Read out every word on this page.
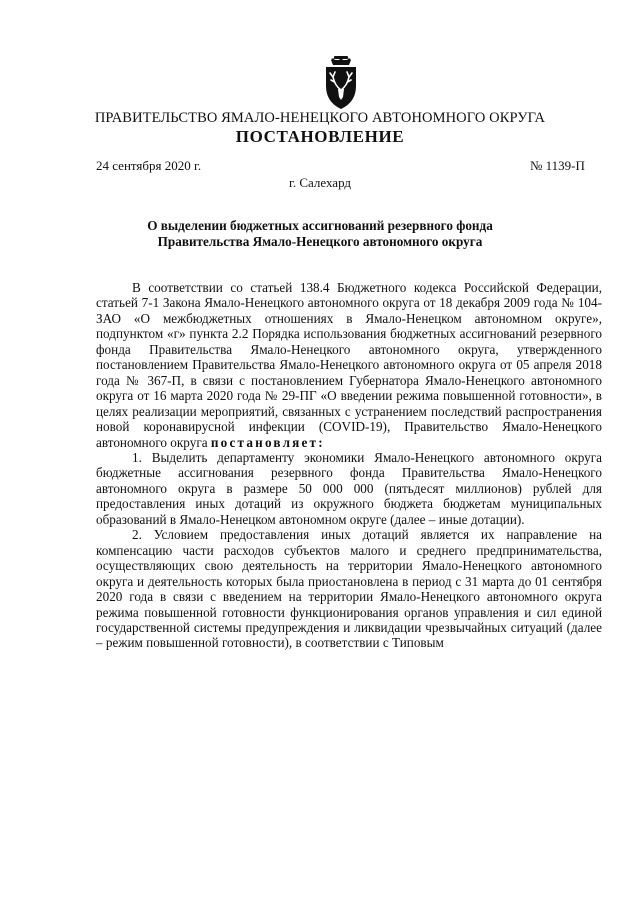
ПРАВИТЕЛЬСТВО ЯМАЛО-НЕНЕЦКОГО АВТОНОМНОГО ОКРУГА
ПОСТАНОВЛЕНИЕ
24 сентября 2020 г.	№ 1139-П
г. Салехард
О выделении бюджетных ассигнований резервного фонда
Правительства Ямало-Ненецкого автономного округа

В соответствии со статьей 138.4 Бюджетного кодекса Российской Федерации, статьей 7-1 Закона Ямало-Ненецкого автономного округа от 18 декабря 2009 года № 104-ЗАО «О межбюджетных отношениях в Ямало-Ненецком автономном округе», подпунктом «г» пункта 2.2 Порядка использования бюджетных ассигнований резервного фонда Правительства Ямало-Ненецкого автономного округа, утвержденного постановлением Правительства Ямало-Ненецкого автономного округа от 05 апреля 2018 года № 367-П, в связи с постановлением Губернатора Ямало-Ненецкого автономного округа от 16 марта 2020 года № 29-ПГ «О введении режима повышенной готовности», в целях реализации мероприятий, связанных с устранением последствий распространения новой коронавирусной инфекции (COVID-19), Правительство Ямало-Ненецкого автономного округа постановляет:

1. Выделить департаменту экономики Ямало-Ненецкого автономного округа бюджетные ассигнования резервного фонда Правительства Ямало-Ненецкого автономного округа в размере 50 000 000 (пятьдесят миллионов) рублей для предоставления иных дотаций из окружного бюджета бюджетам муниципальных образований в Ямало-Ненецком автономном округе (далее – иные дотации).

2. Условием предоставления иных дотаций является их направление на компенсацию части расходов субъектов малого и среднего предпринимательства, осуществляющих свою деятельность на территории Ямало-Ненецкого автономного округа и деятельность которых была приостановлена в период с 31 марта до 01 сентября 2020 года в связи с введением на территории Ямало-Ненецкого автономного округа режима повышенной готовности функционирования органов управления и сил единой государственной системы предупреждения и ликвидации чрезвычайных ситуаций (далее – режим повышенной готовности), в соответствии с Типовым
